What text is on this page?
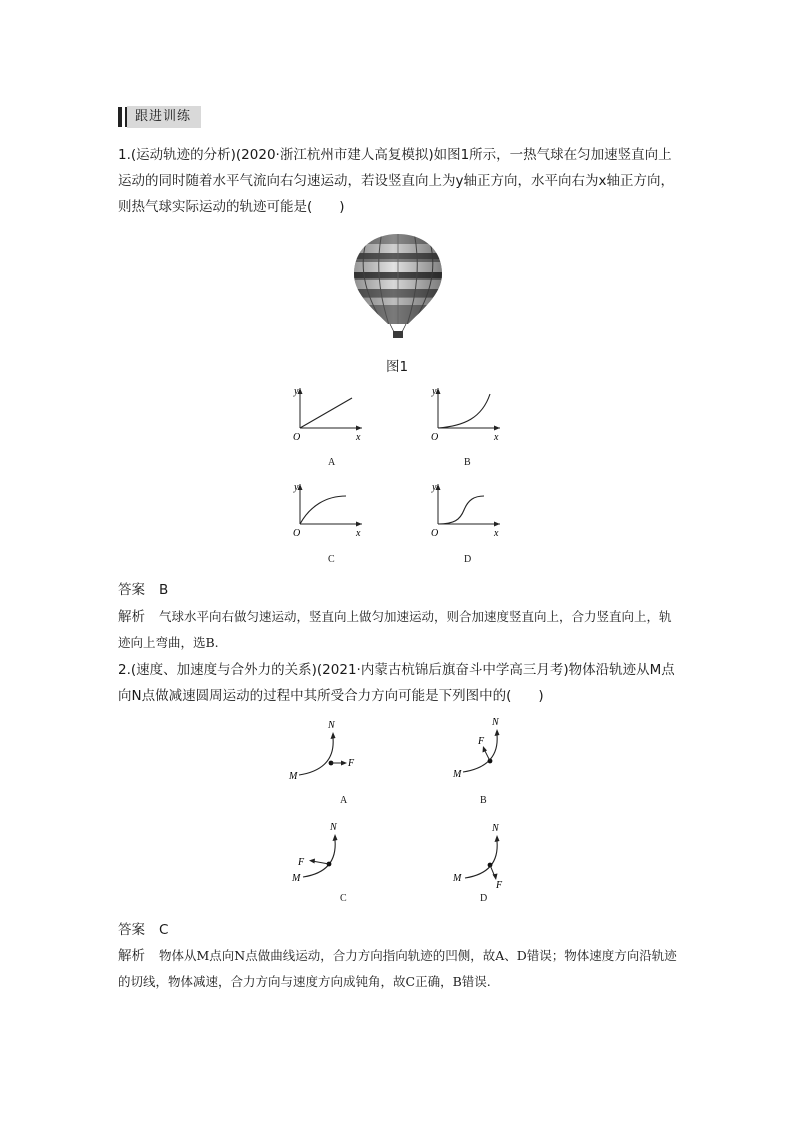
跟进训练
1.(运动轨迹的分析)(2020·浙江杭州市建人高复模拟)如图1所示，一热气球在匀加速竖直向上运动的同时随着水平气流向右匀速运动，若设竖直向上为y轴正方向，水平向右为x轴正方向，则热气球实际运动的轨迹可能是(　　)
图1
O
y
x
A
O
y
x
B
O
y
x
C
O
y
x
D
答案 B
解析 气球水平向右做匀速运动，竖直向上做匀加速运动，则合加速度竖直向上，合力竖直向上，轨迹向上弯曲，选B.
2.(速度、加速度与合外力的关系)(2021·内蒙古杭锦后旗奋斗中学高三月考)物体沿轨迹从M点向N点做减速圆周运动的过程中其所受合力方向可能是下列图中的(　　)
M
N
F
A
M
N
F
B
M
N
F
C
M
N
F
D
答案 C
解析 物体从M点向N点做曲线运动，合力方向指向轨迹的凹侧，故A、D错误；物体速度方向沿轨迹的切线，物体减速，合力方向与速度方向成钝角，故C正确，B错误.
